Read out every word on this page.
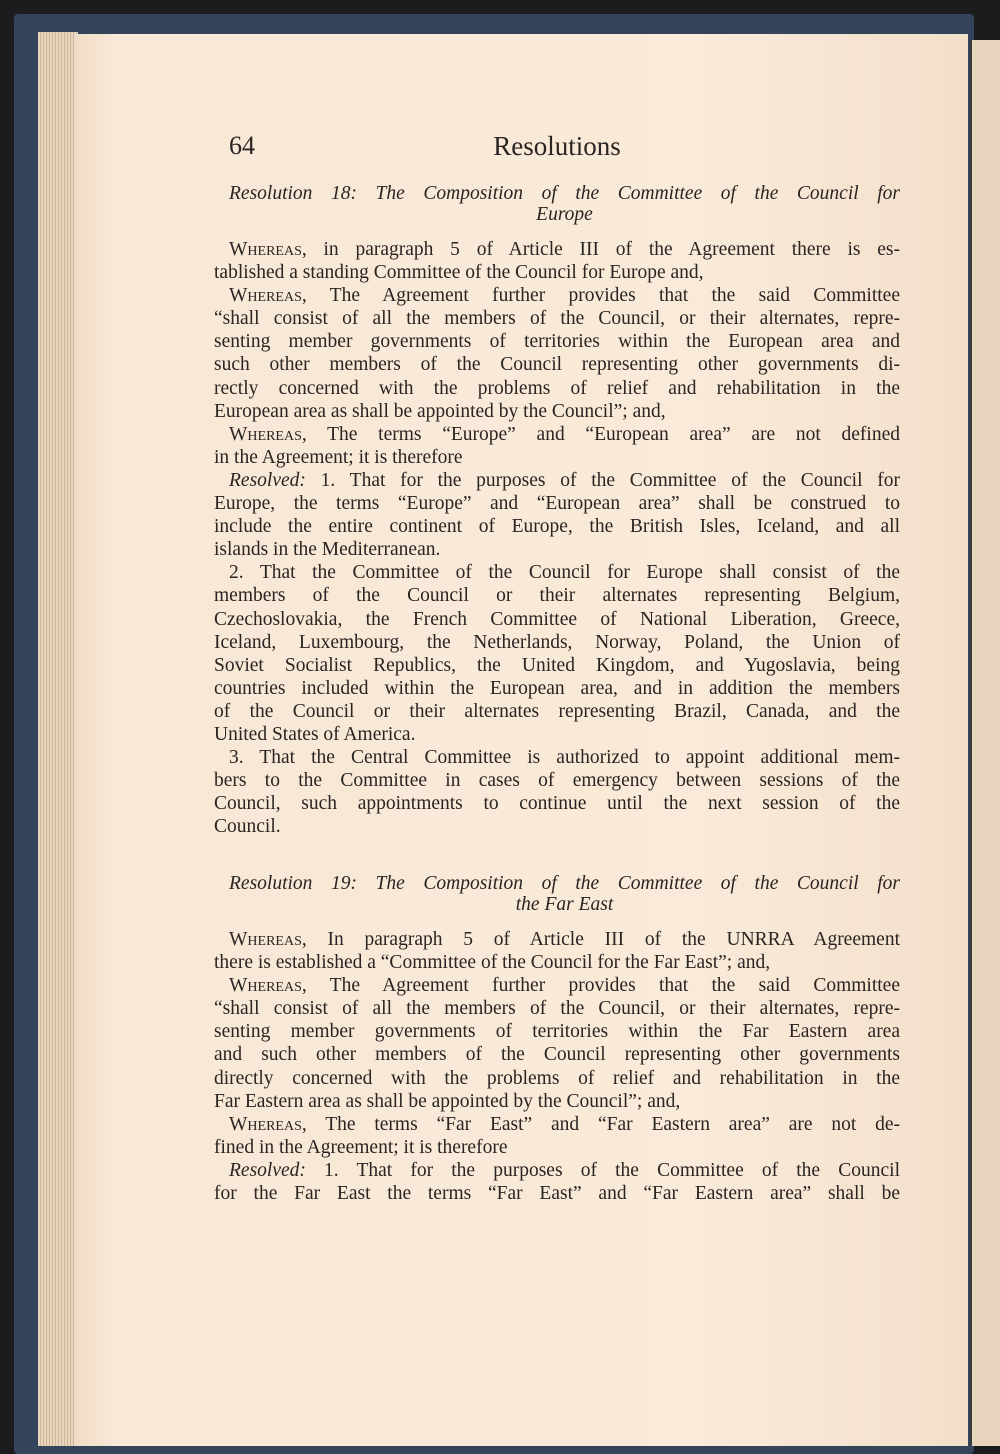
64	Resolutions
Resolution 18: The Composition of the Committee of the Council for
Europe
Whereas, in paragraph 5 of Article III of the Agreement there is es-
tablished a standing Committee of the Council for Europe and,
Whereas, The Agreement further provides that the said Committee
“shall consist of all the members of the Council, or their alternates, repre-
senting member governments of territories within the European area and
such other members of the Council representing other governments di-
rectly concerned with the problems of relief and rehabilitation in the
European area as shall be appointed by the Council”; and,
Whereas, The terms “Europe” and “European area” are not defined
in the Agreement; it is therefore
Resolved: 1. That for the purposes of the Committee of the Council for
Europe, the terms “Europe” and “European area” shall be construed to
include the entire continent of Europe, the British Isles, Iceland, and all
islands in the Mediterranean.
2. That the Committee of the Council for Europe shall consist of the
members of the Council or their alternates representing Belgium,
Czechoslovakia, the French Committee of National Liberation, Greece,
Iceland, Luxembourg, the Netherlands, Norway, Poland, the Union of
Soviet Socialist Republics, the United Kingdom, and Yugoslavia, being
countries included within the European area, and in addition the members
of the Council or their alternates representing Brazil, Canada, and the
United States of America.
3. That the Central Committee is authorized to appoint additional mem-
bers to the Committee in cases of emergency between sessions of the
Council, such appointments to continue until the next session of the
Council.
Resolution 19: The Composition of the Committee of the Council for
the Far East
Whereas, In paragraph 5 of Article III of the UNRRA Agreement
there is established a “Committee of the Council for the Far East”; and,
Whereas, The Agreement further provides that the said Committee
“shall consist of all the members of the Council, or their alternates, repre-
senting member governments of territories within the Far Eastern area
and such other members of the Council representing other governments
directly concerned with the problems of relief and rehabilitation in the
Far Eastern area as shall be appointed by the Council”; and,
Whereas, The terms “Far East” and “Far Eastern area” are not de-
fined in the Agreement; it is therefore
Resolved: 1. That for the purposes of the Committee of the Council
for the Far East the terms “Far East” and “Far Eastern area” shall be
